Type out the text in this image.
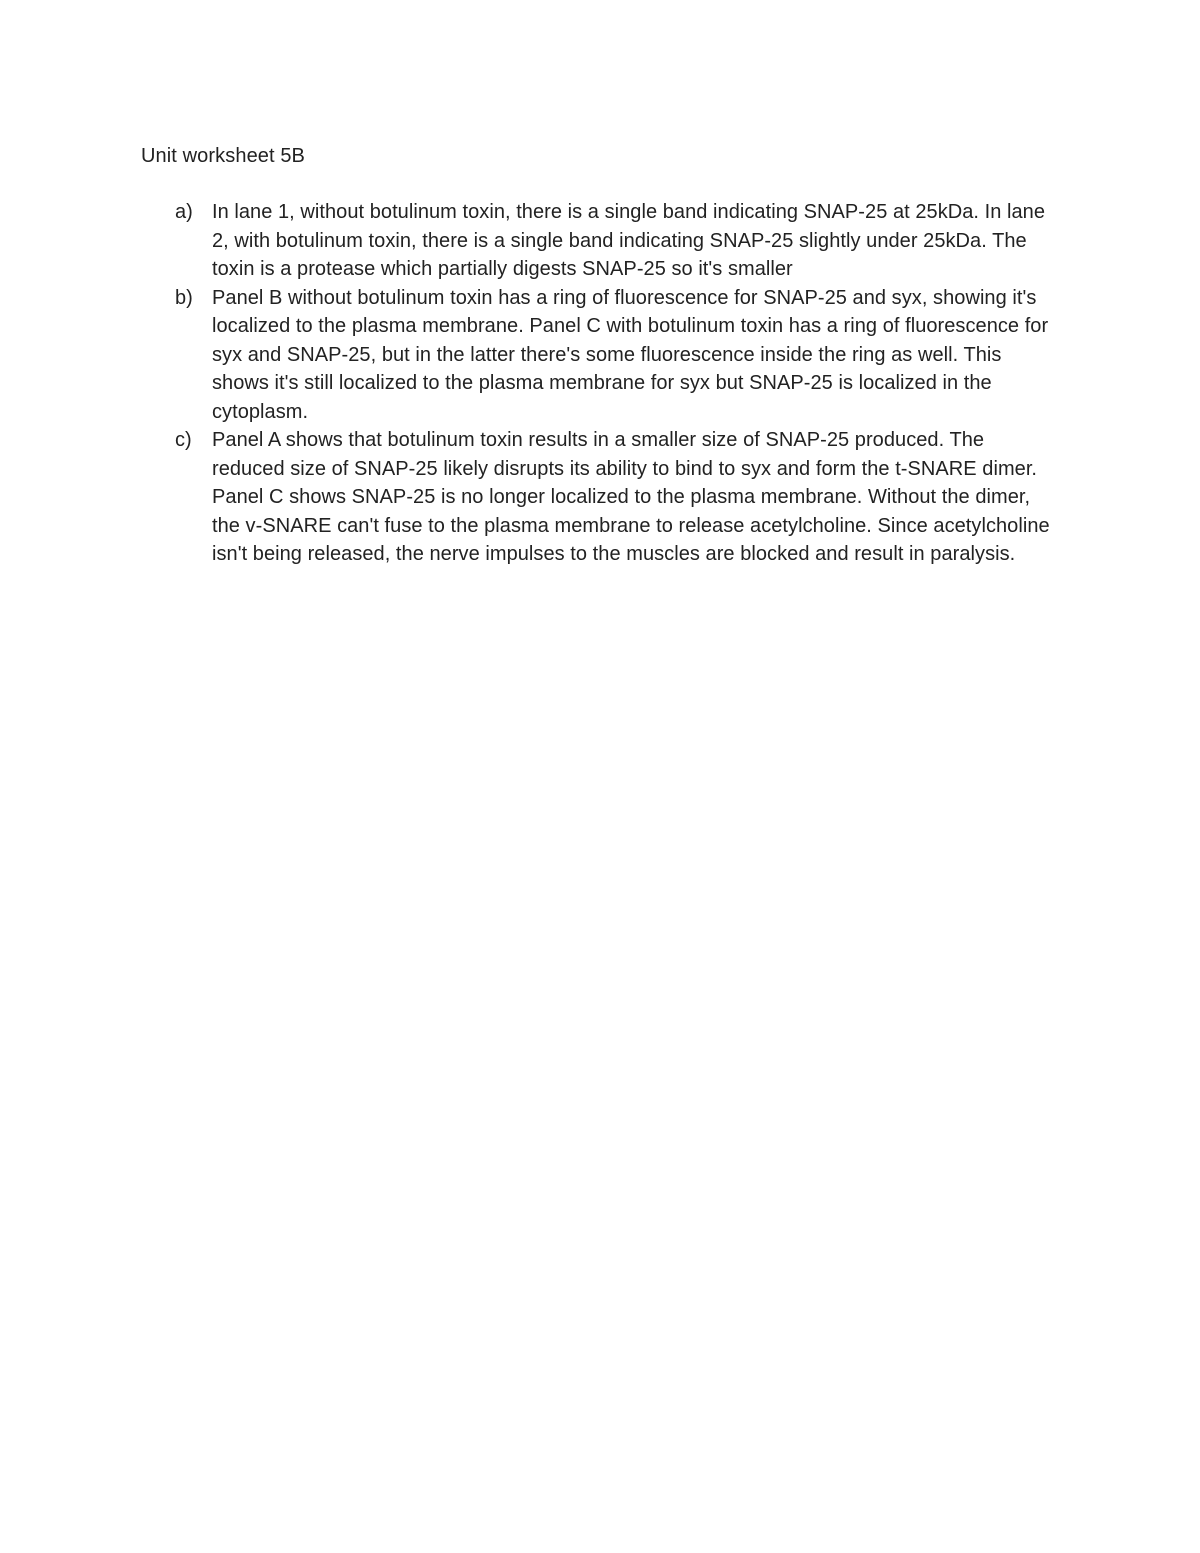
Unit worksheet 5B
a) In lane 1, without botulinum toxin, there is a single band indicating SNAP-25 at 25kDa. In lane 2, with botulinum toxin, there is a single band indicating SNAP-25 slightly under 25kDa. The toxin is a protease which partially digests SNAP-25 so it's smaller
b) Panel B without botulinum toxin has a ring of fluorescence for SNAP-25 and syx, showing it's localized to the plasma membrane. Panel C with botulinum toxin has a ring of fluorescence for syx and SNAP-25, but in the latter there's some fluorescence inside the ring as well. This shows it's still localized to the plasma membrane for syx but SNAP-25 is localized in the cytoplasm.
c) Panel A shows that botulinum toxin results in a smaller size of SNAP-25 produced. The reduced size of SNAP-25 likely disrupts its ability to bind to syx and form the t-SNARE dimer. Panel C shows SNAP-25 is no longer localized to the plasma membrane. Without the dimer, the v-SNARE can't fuse to the plasma membrane to release acetylcholine. Since acetylcholine isn't being released, the nerve impulses to the muscles are blocked and result in paralysis.
